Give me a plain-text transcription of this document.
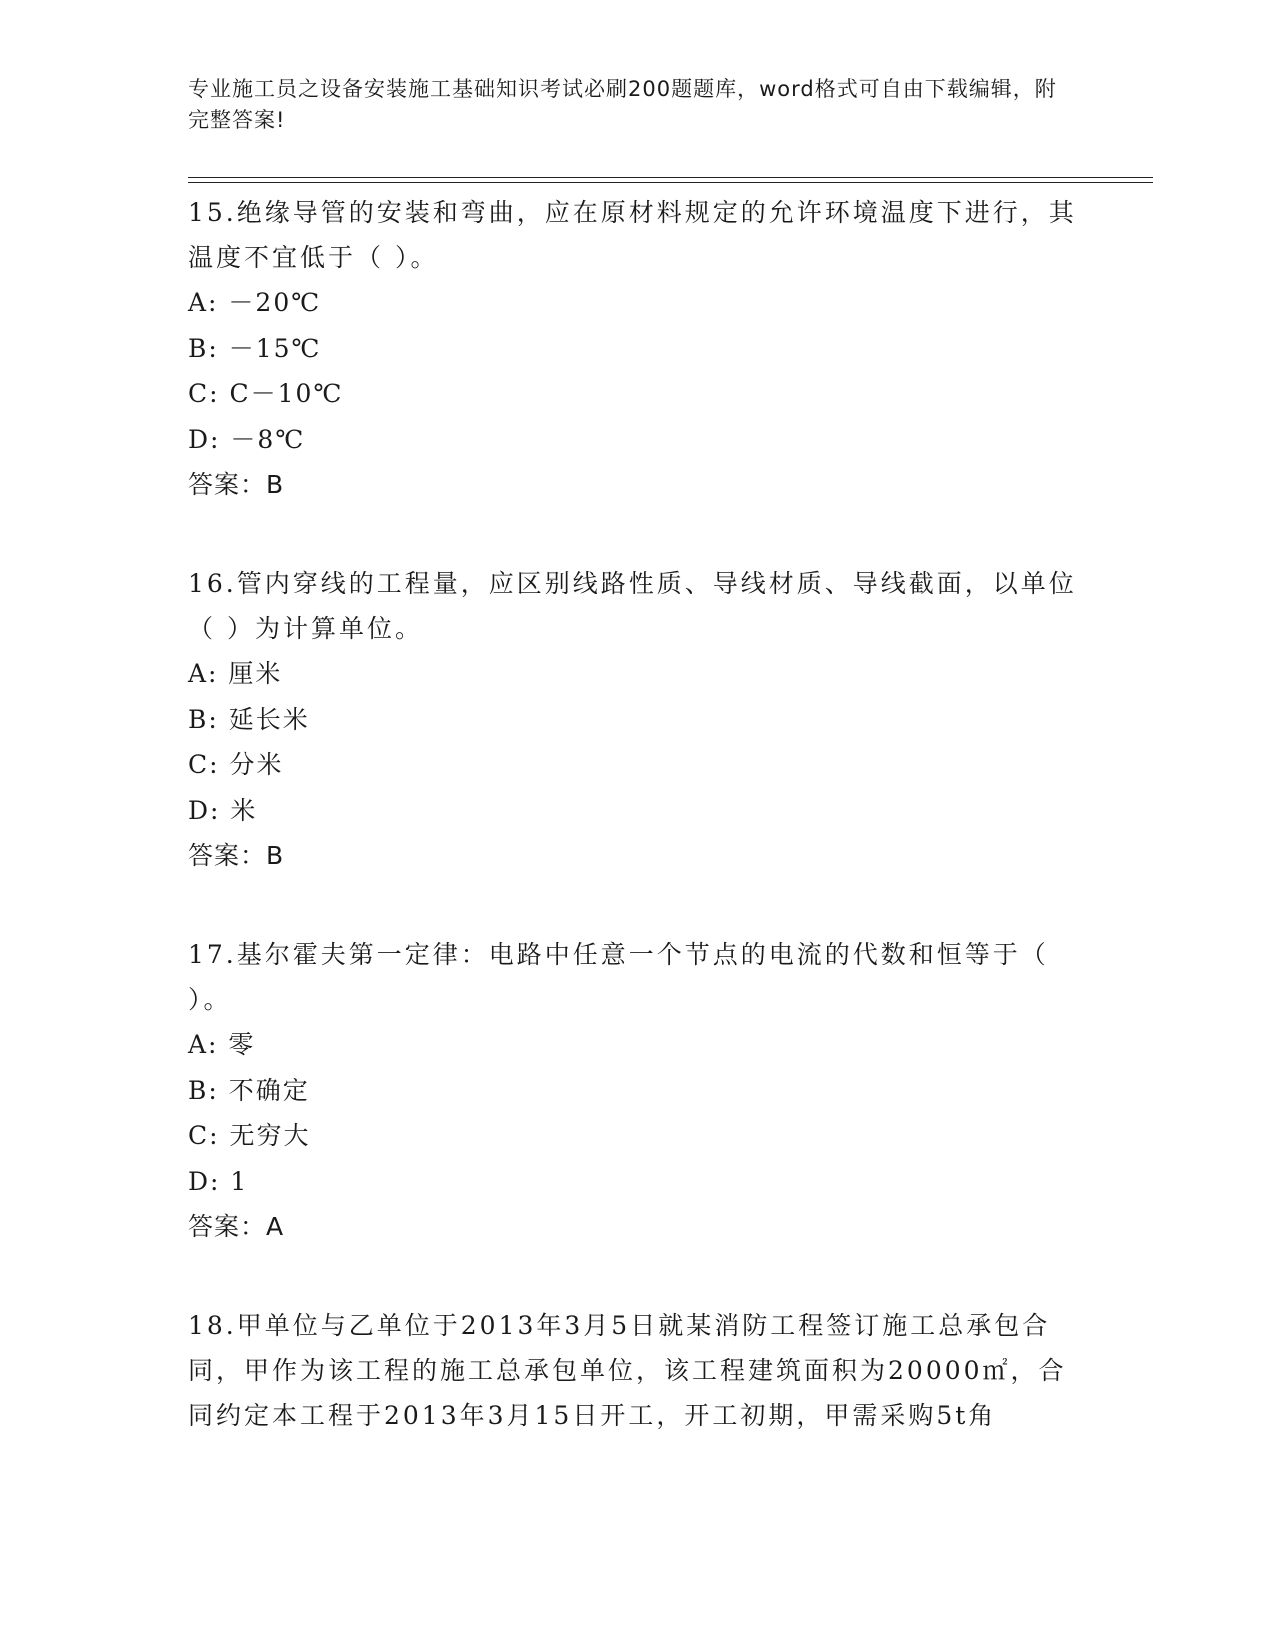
专业施工员之设备安装施工基础知识考试必刷200题题库，word格式可自由下载编辑，附完整答案!
15.绝缘导管的安装和弯曲，应在原材料规定的允许环境温度下进行，其温度不宜低于（ ）。
A: －20℃
B: －15℃
C: C－10℃
D: －8℃
答案：B
16.管内穿线的工程量，应区别线路性质、导线材质、导线截面，以单位（ ）为计算单位。
A: 厘米
B: 延长米
C: 分米
D: 米
答案：B
17.基尔霍夫第一定律：电路中任意一个节点的电流的代数和恒等于（ ）。
A: 零
B: 不确定
C: 无穷大
D: 1
答案：A
18.甲单位与乙单位于2013年3月5日就某消防工程签订施工总承包合同，甲作为该工程的施工总承包单位，该工程建筑面积为20000㎡，合同约定本工程于2013年3月15日开工，开工初期，甲需采购5t角
